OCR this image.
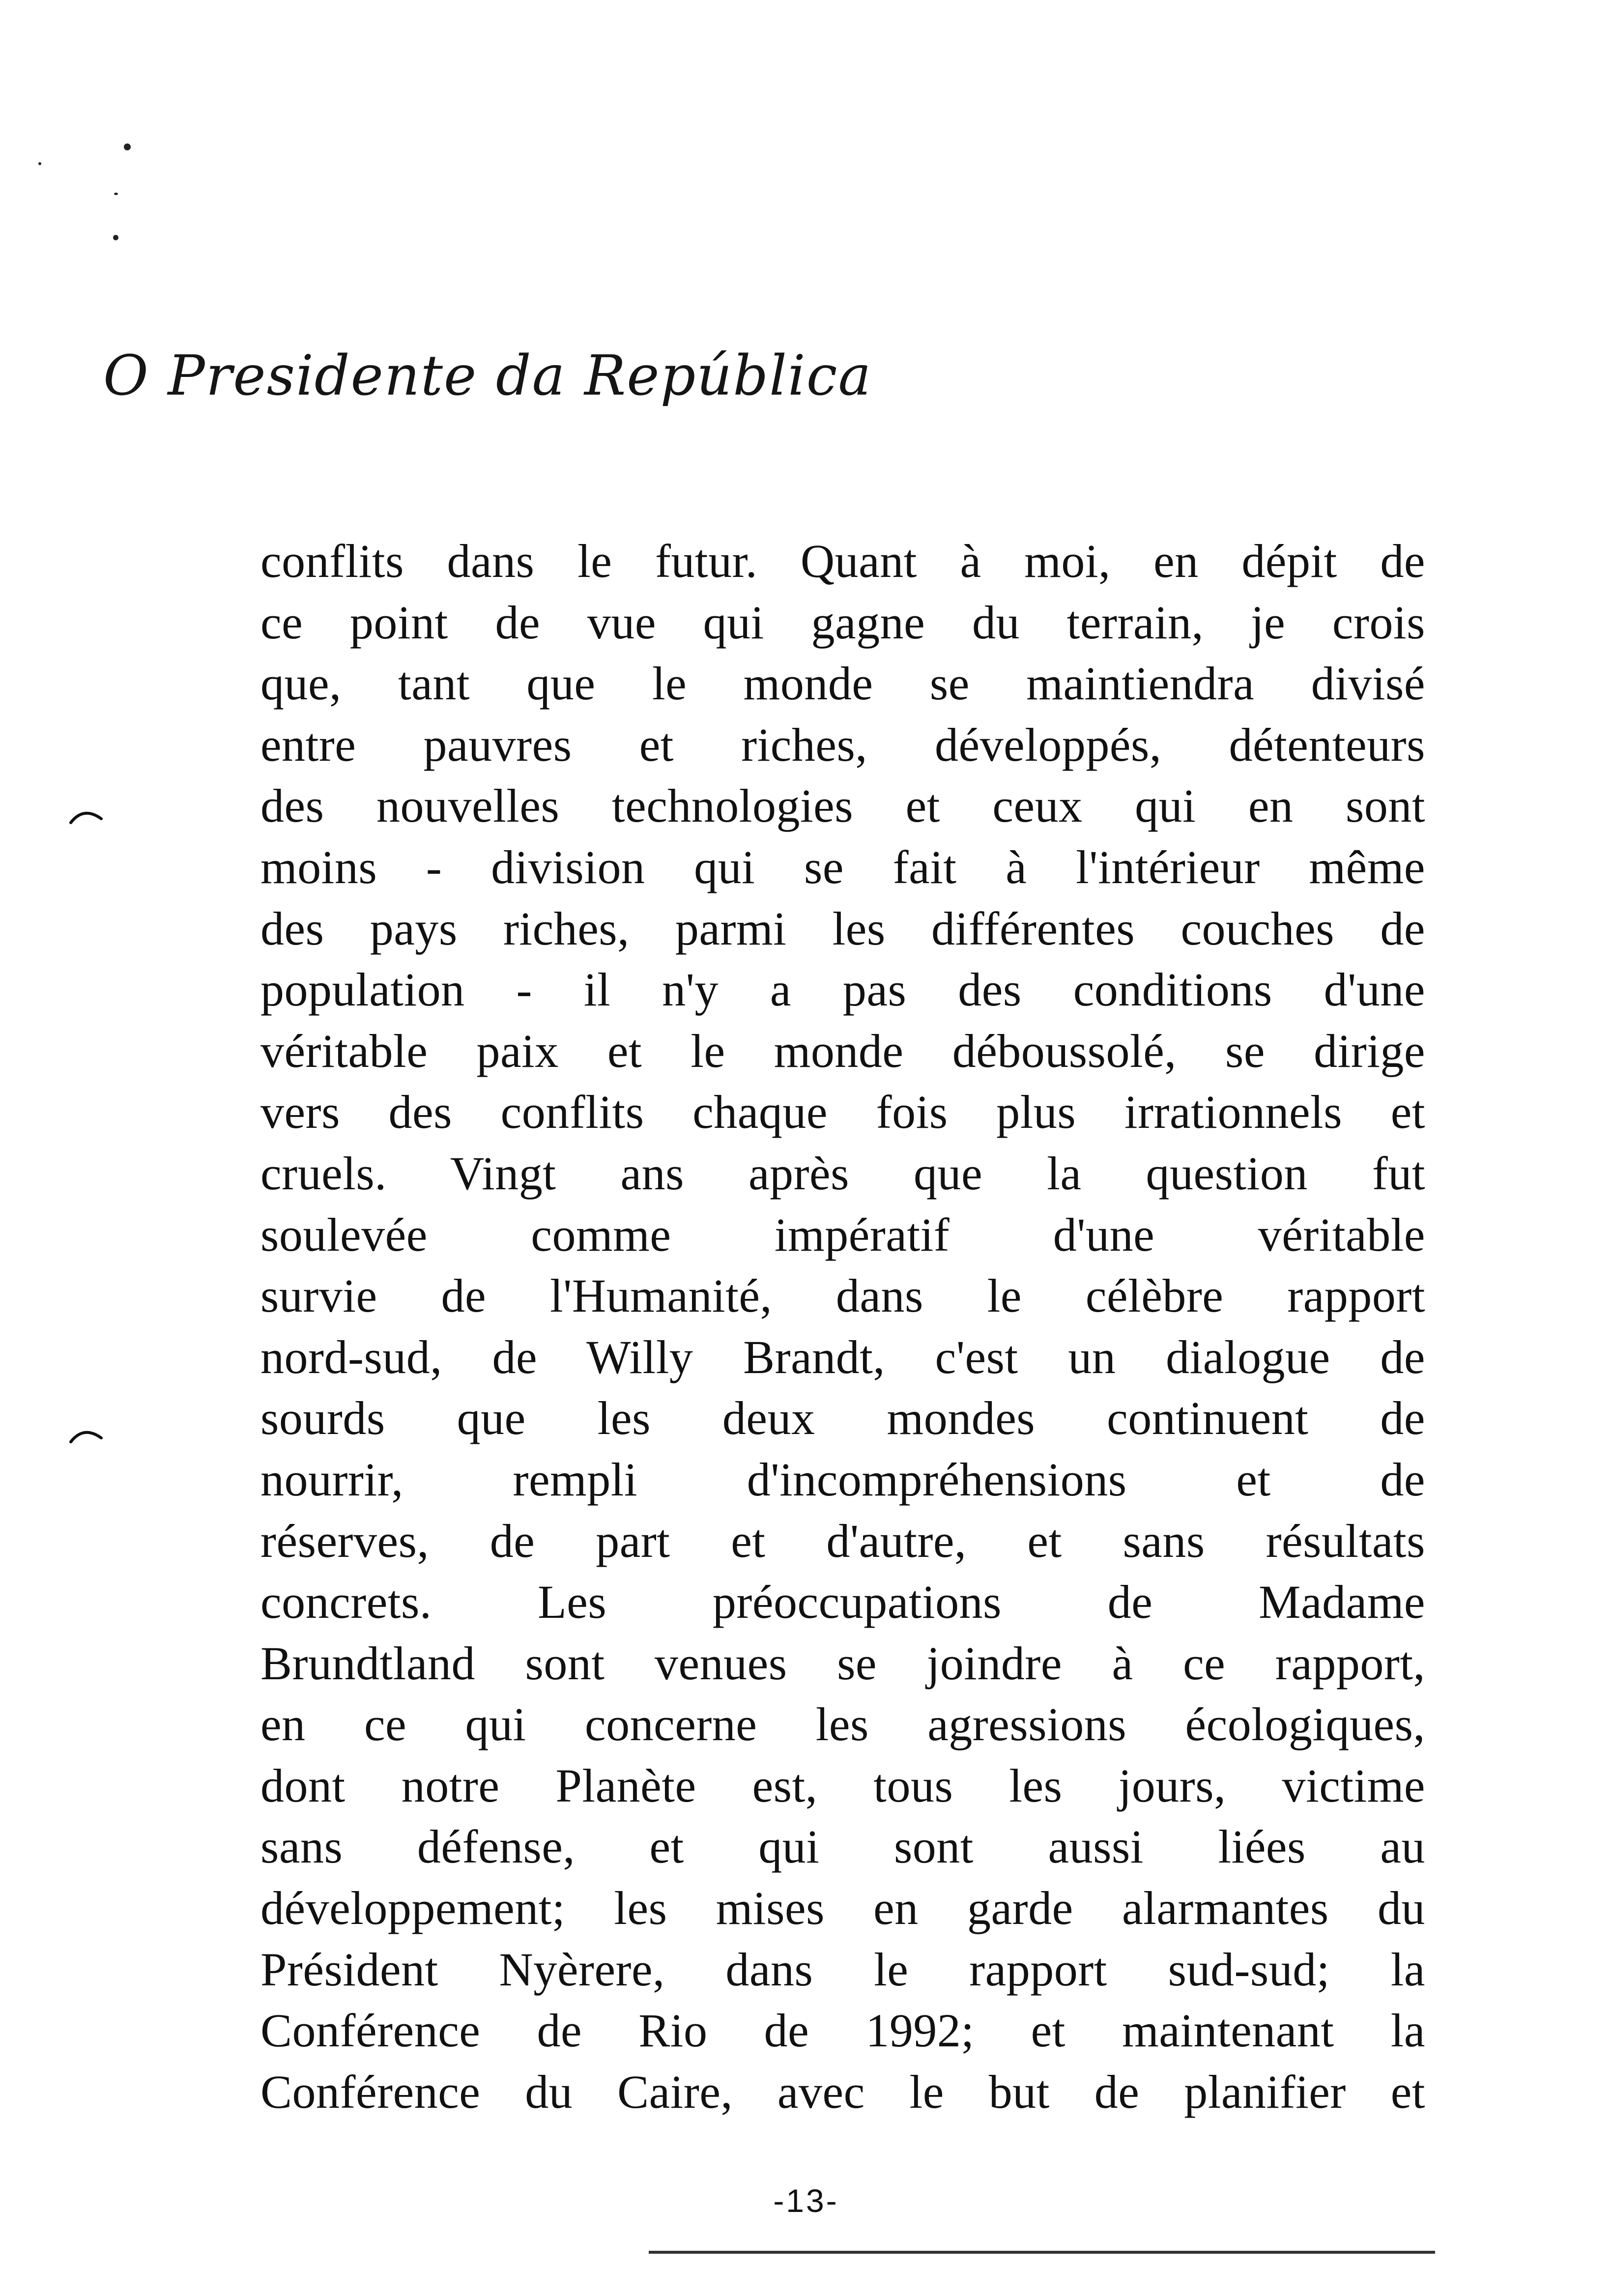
O Presidente da República
conflits dans le futur. Quant à moi, en dépit de
ce point de vue qui gagne du terrain, je crois
que, tant que le monde se maintiendra divisé
entre pauvres et riches, développés, détenteurs
des nouvelles technologies et ceux qui en sont
moins - division qui se fait à l'intérieur même
des pays riches, parmi les différentes couches de
population - il n'y a pas des conditions d'une
véritable paix et le monde déboussolé, se dirige
vers des conflits chaque fois plus irrationnels et
cruels. Vingt ans après que la question fut
soulevée comme impératif d'une véritable
survie de l'Humanité, dans le célèbre rapport
nord-sud, de Willy Brandt, c'est un dialogue de
sourds que les deux mondes continuent de
nourrir, rempli d'incompréhensions et de
réserves, de part et d'autre, et sans résultats
concrets. Les préoccupations de Madame
Brundtland sont venues se joindre à ce rapport,
en ce qui concerne les agressions écologiques,
dont notre Planète est, tous les jours, victime
sans défense, et qui sont aussi liées au
développement; les mises en garde alarmantes du
Président Nyèrere, dans le rapport sud-sud; la
Conférence de Rio de 1992; et maintenant la
Conférence du Caire, avec le but de planifier et
-13-
